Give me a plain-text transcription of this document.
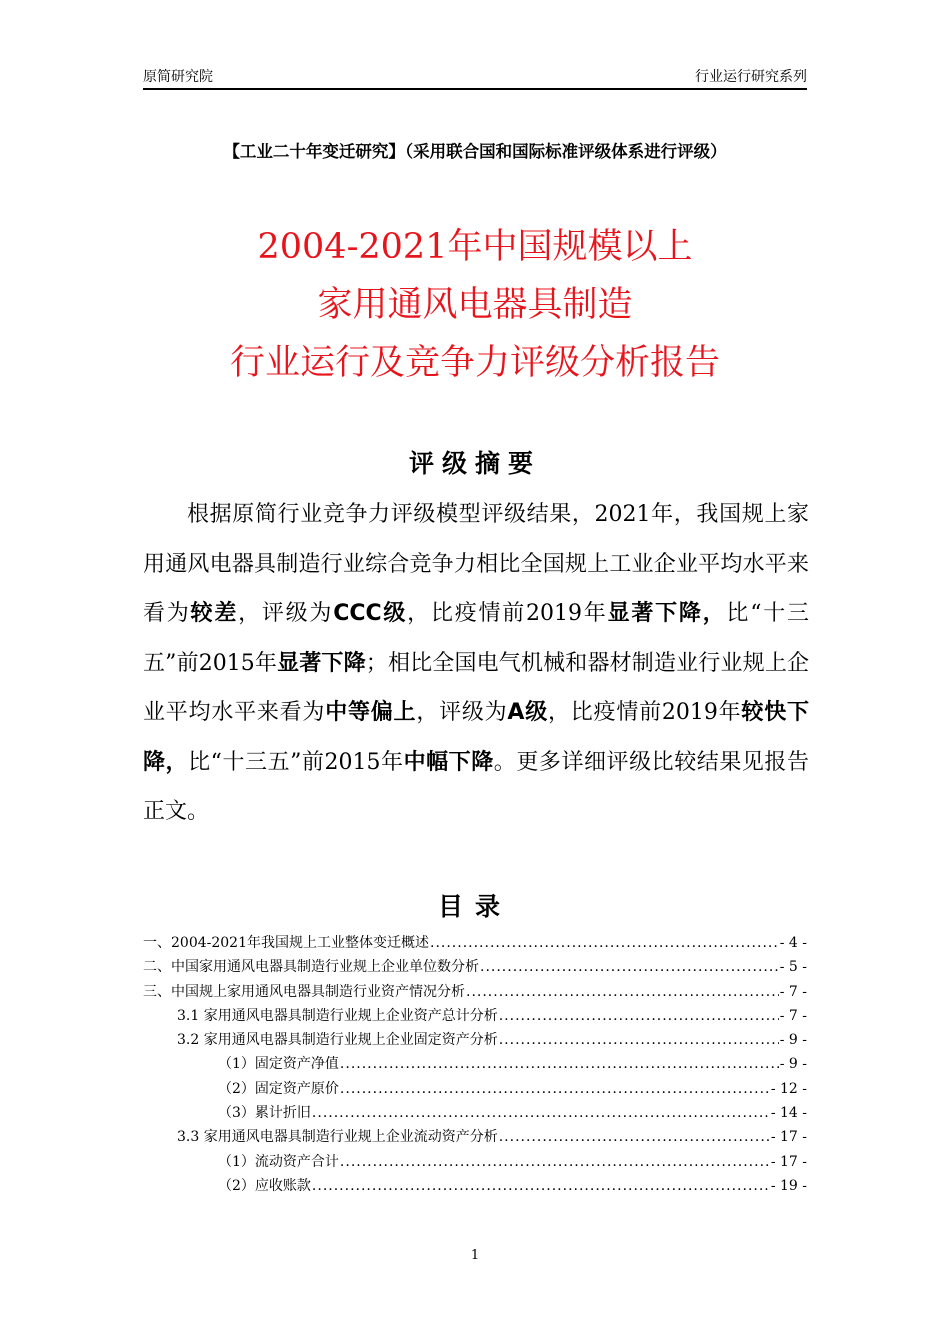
原简研究院	行业运行研究系列
【工业二十年变迁研究】（采用联合国和国际标准评级体系进行评级）
2004-2021年中国规模以上
家用通风电器具制造
行业运行及竞争力评级分析报告
评级摘要

根据原简行业竞争力评级模型评级结果，2021年，我国规上家用通风电器具制造行业综合竞争力相比全国规上工业企业平均水平来看为较差，评级为CCC级，比疫情前2019年显著下降，比“十三五”前2015年显著下降；相比全国电气机械和器材制造业行业规上企业平均水平来看为中等偏上，评级为A级，比疫情前2019年较快下降，比“十三五”前2015年中幅下降。更多详细评级比较结果见报告正文。

目录
一、2004-2021年我国规上工业整体变迁概述 .....	- 4 -
二、中国家用通风电器具制造行业规上企业单位数分析 .....	- 5 -
三、中国规上家用通风电器具制造行业资产情况分析 .....	- 7 -
3.1 家用通风电器具制造行业规上企业资产总计分析 .....	- 7 -
3.2 家用通风电器具制造行业规上企业固定资产分析 .....	- 9 -
（1）固定资产净值 .....	- 9 -
（2）固定资产原价 .....	- 12 -
（3）累计折旧 .....	- 14 -
3.3 家用通风电器具制造行业规上企业流动资产分析 .....	- 17 -
（1）流动资产合计 .....	- 17 -
（2）应收账款 .....	- 19 -
1
